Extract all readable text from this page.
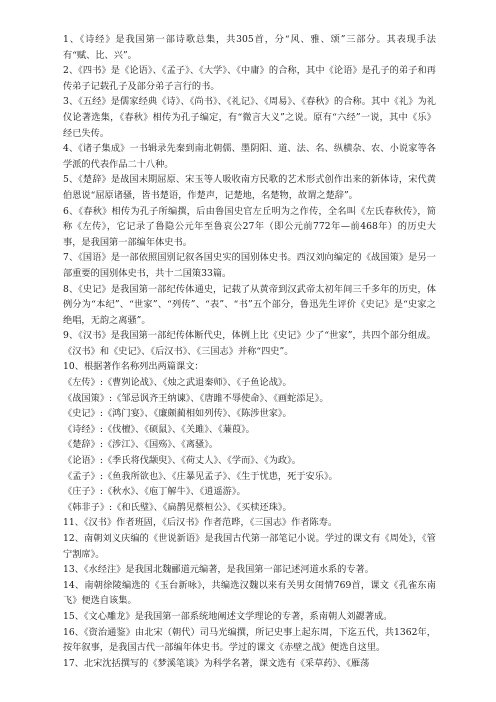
1、《诗经》是我国第一部诗歌总集，共305首，分“风、雅、颂”三部分。其表现手法有“赋、比、兴”。

2、《四书》是《论语》、《孟子》、《大学》、《中庸》的合称，其中《论语》是孔子的弟子和再传弟子记载孔子及部分弟子言行的书。

3、《五经》是儒家经典《诗》、《尚书》、《礼记》、《周易》、《春秋》的合称。其中《礼》为礼仪论著选集，《春秋》相传为孔子编定，有“微言大义”之说。原有“六经”一说，其中《乐》经已失传。

4、《诸子集成》一书辑录先秦到南北朝儒、墨阴阳、道、法、名、纵横杂、农、小说家等各学派的代表作品二十八种。

5、《楚辞》是战国末期屈原、宋玉等人吸收南方民歌的艺术形式创作出来的新体诗，宋代黄伯恩说“屈原诸骚，皆书楚语，作楚声，记楚地，名楚物，故谓之楚辞”。

6、《春秋》相传为孔子所编撰，后由鲁国史官左丘明为之作传，全名叫《左氏春秋传》，简称《左传》，它记录了鲁隐公元年至鲁哀公27年（即公元前772年—前468年）的历史大事，是我国第一部编年体史书。

7、《国语》是一部依照国别记叙各国史实的国别体史书。西汉刘向编定的《战国策》是另一部重要的国别体史书，共十二国策33篇。

8、《史记》是我国第一部纪传体通史，记载了从黄帝到汉武帝太初年间三千多年的历史，体例分为“本纪”、“世家”、“列传”、“表”、“书”五个部分，鲁迅先生评价《史记》是“史家之绝唱，无韵之离骚”。

9、《汉书》是我国第一部纪传体断代史，体例上比《史记》少了“世家”，共四个部分组成。《汉书》和《史记》、《后汉书》、《三国志》并称“四史”。

10、根据著作名称列出两篇课文：

《左传》:《曹刿论战》、《烛之武退秦师》、《子鱼论战》。

《战国策》:《邹忌讽齐王纳谏》、《唐雎不辱使命》、《画蛇添足》。

《史记》:《鸿门宴》、《廉颇蔺相如列传》、《陈涉世家》。

《诗经》:《伐檀》、《硕鼠》、《关雎》、《蒹葭》。

《楚辞》:《涉江》、《国殇》、《离骚》。

《论语》:《季氏将伐颛臾》、《荷丈人》、《学而》、《为政》。

《孟子》:《鱼我所欲也》、《庄暴见孟子》、《生于忧患，死于安乐》。

《庄子》:《秋水》、《庖丁解牛》、《逍遥游》。

《韩非子》:《和氏璧》、《扁鹊见蔡桓公》、《买椟还珠》。

11、《汉书》作者班固，《后汉书》作者范晔，《三国志》作者陈寿。

12、南朝刘义庆编的《世说新语》是我国古代第一部笔记小说。学过的课文有《周处》，《管宁割席》。

13、《水经注》是我国北魏郦道元编著，是我国第一部记述河道水系的专著。

14、南朝徐陵编选的《玉台新咏》，共编选汉魏以来有关男女闺情769首，课文《孔雀东南飞》便选自该集。

15、《文心雕龙》是我国第一部系统地阐述文学理论的专著，系南朝人刘勰著成。

16、《资治通鉴》由北宋（朝代）司马光编撰，所记史事上起东周，下迄五代，共1362年，按年叙事，是我国古代一部编年体史书。学过的课文《赤壁之战》便选自这里。

17、北宋沈括撰写的《梦溪笔谈》为科学名著，课文选有《采草药》、《雁荡
